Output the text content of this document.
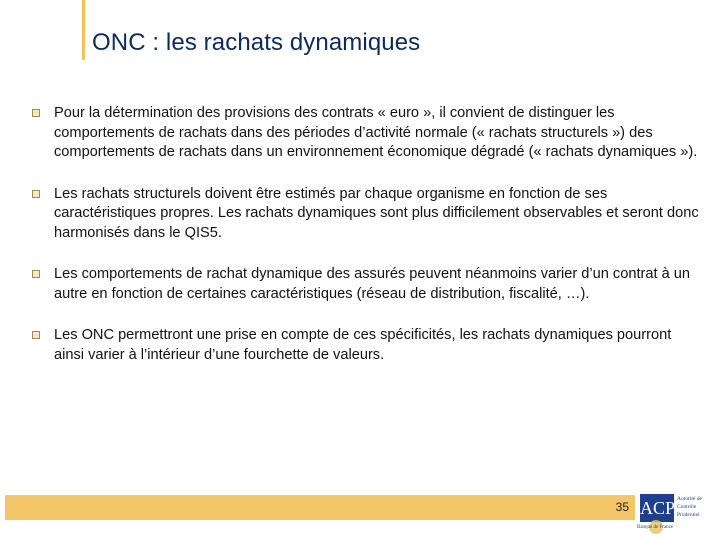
ONC : les rachats dynamiques
Pour la détermination des provisions des contrats « euro », il convient de distinguer les comportements de rachats dans des périodes d’activité normale (« rachats structurels ») des comportements de rachats dans un environnement économique dégradé (« rachats dynamiques »).
Les rachats structurels doivent être estimés par chaque organisme en fonction de ses caractéristiques propres. Les rachats dynamiques sont plus difficilement observables et seront donc harmonisés dans le QIS5.
Les comportements de rachat dynamique des assurés peuvent néanmoins varier d’un contrat à un autre en fonction de certaines caractéristiques (réseau de distribution, fiscalité, …).
Les ONC permettront une prise en compte de ces spécificités, les rachats dynamiques pourront ainsi varier à l’intérieur d’une fourchette de valeurs.
35 ACP Autorité de Contrôle Prudentiel
Banque de France
